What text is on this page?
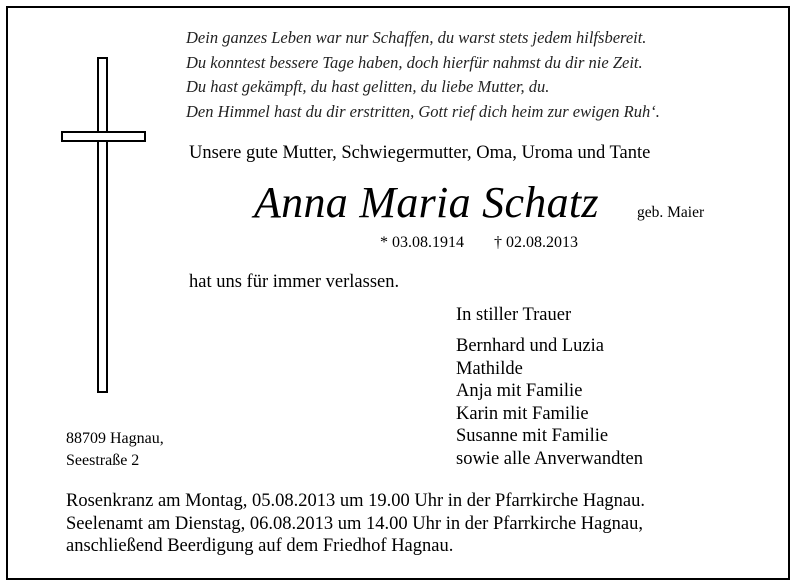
Dein ganzes Leben war nur Schaffen, du warst stets jedem hilfsbereit.
Du konntest bessere Tage haben, doch hierfür nahmst du dir nie Zeit.
Du hast gekämpft, du hast gelitten, du liebe Mutter, du.
Den Himmel hast du dir erstritten, Gott rief dich heim zur ewigen Ruh‘.
Unsere gute Mutter, Schwiegermutter, Oma, Uroma und Tante
Anna Maria Schatz geb. Maier
* 03.08.1914 † 02.08.2013
hat uns für immer verlassen.
In stiller Trauer
Bernhard und Luzia
Mathilde
Anja mit Familie
Karin mit Familie
Susanne mit Familie
sowie alle Anverwandten
88709 Hagnau,
Seestraße 2
Rosenkranz am Montag, 05.08.2013 um 19.00 Uhr in der Pfarrkirche Hagnau.
Seelenamt am Dienstag, 06.08.2013 um 14.00 Uhr in der Pfarrkirche Hagnau,
anschließend Beerdigung auf dem Friedhof Hagnau.
